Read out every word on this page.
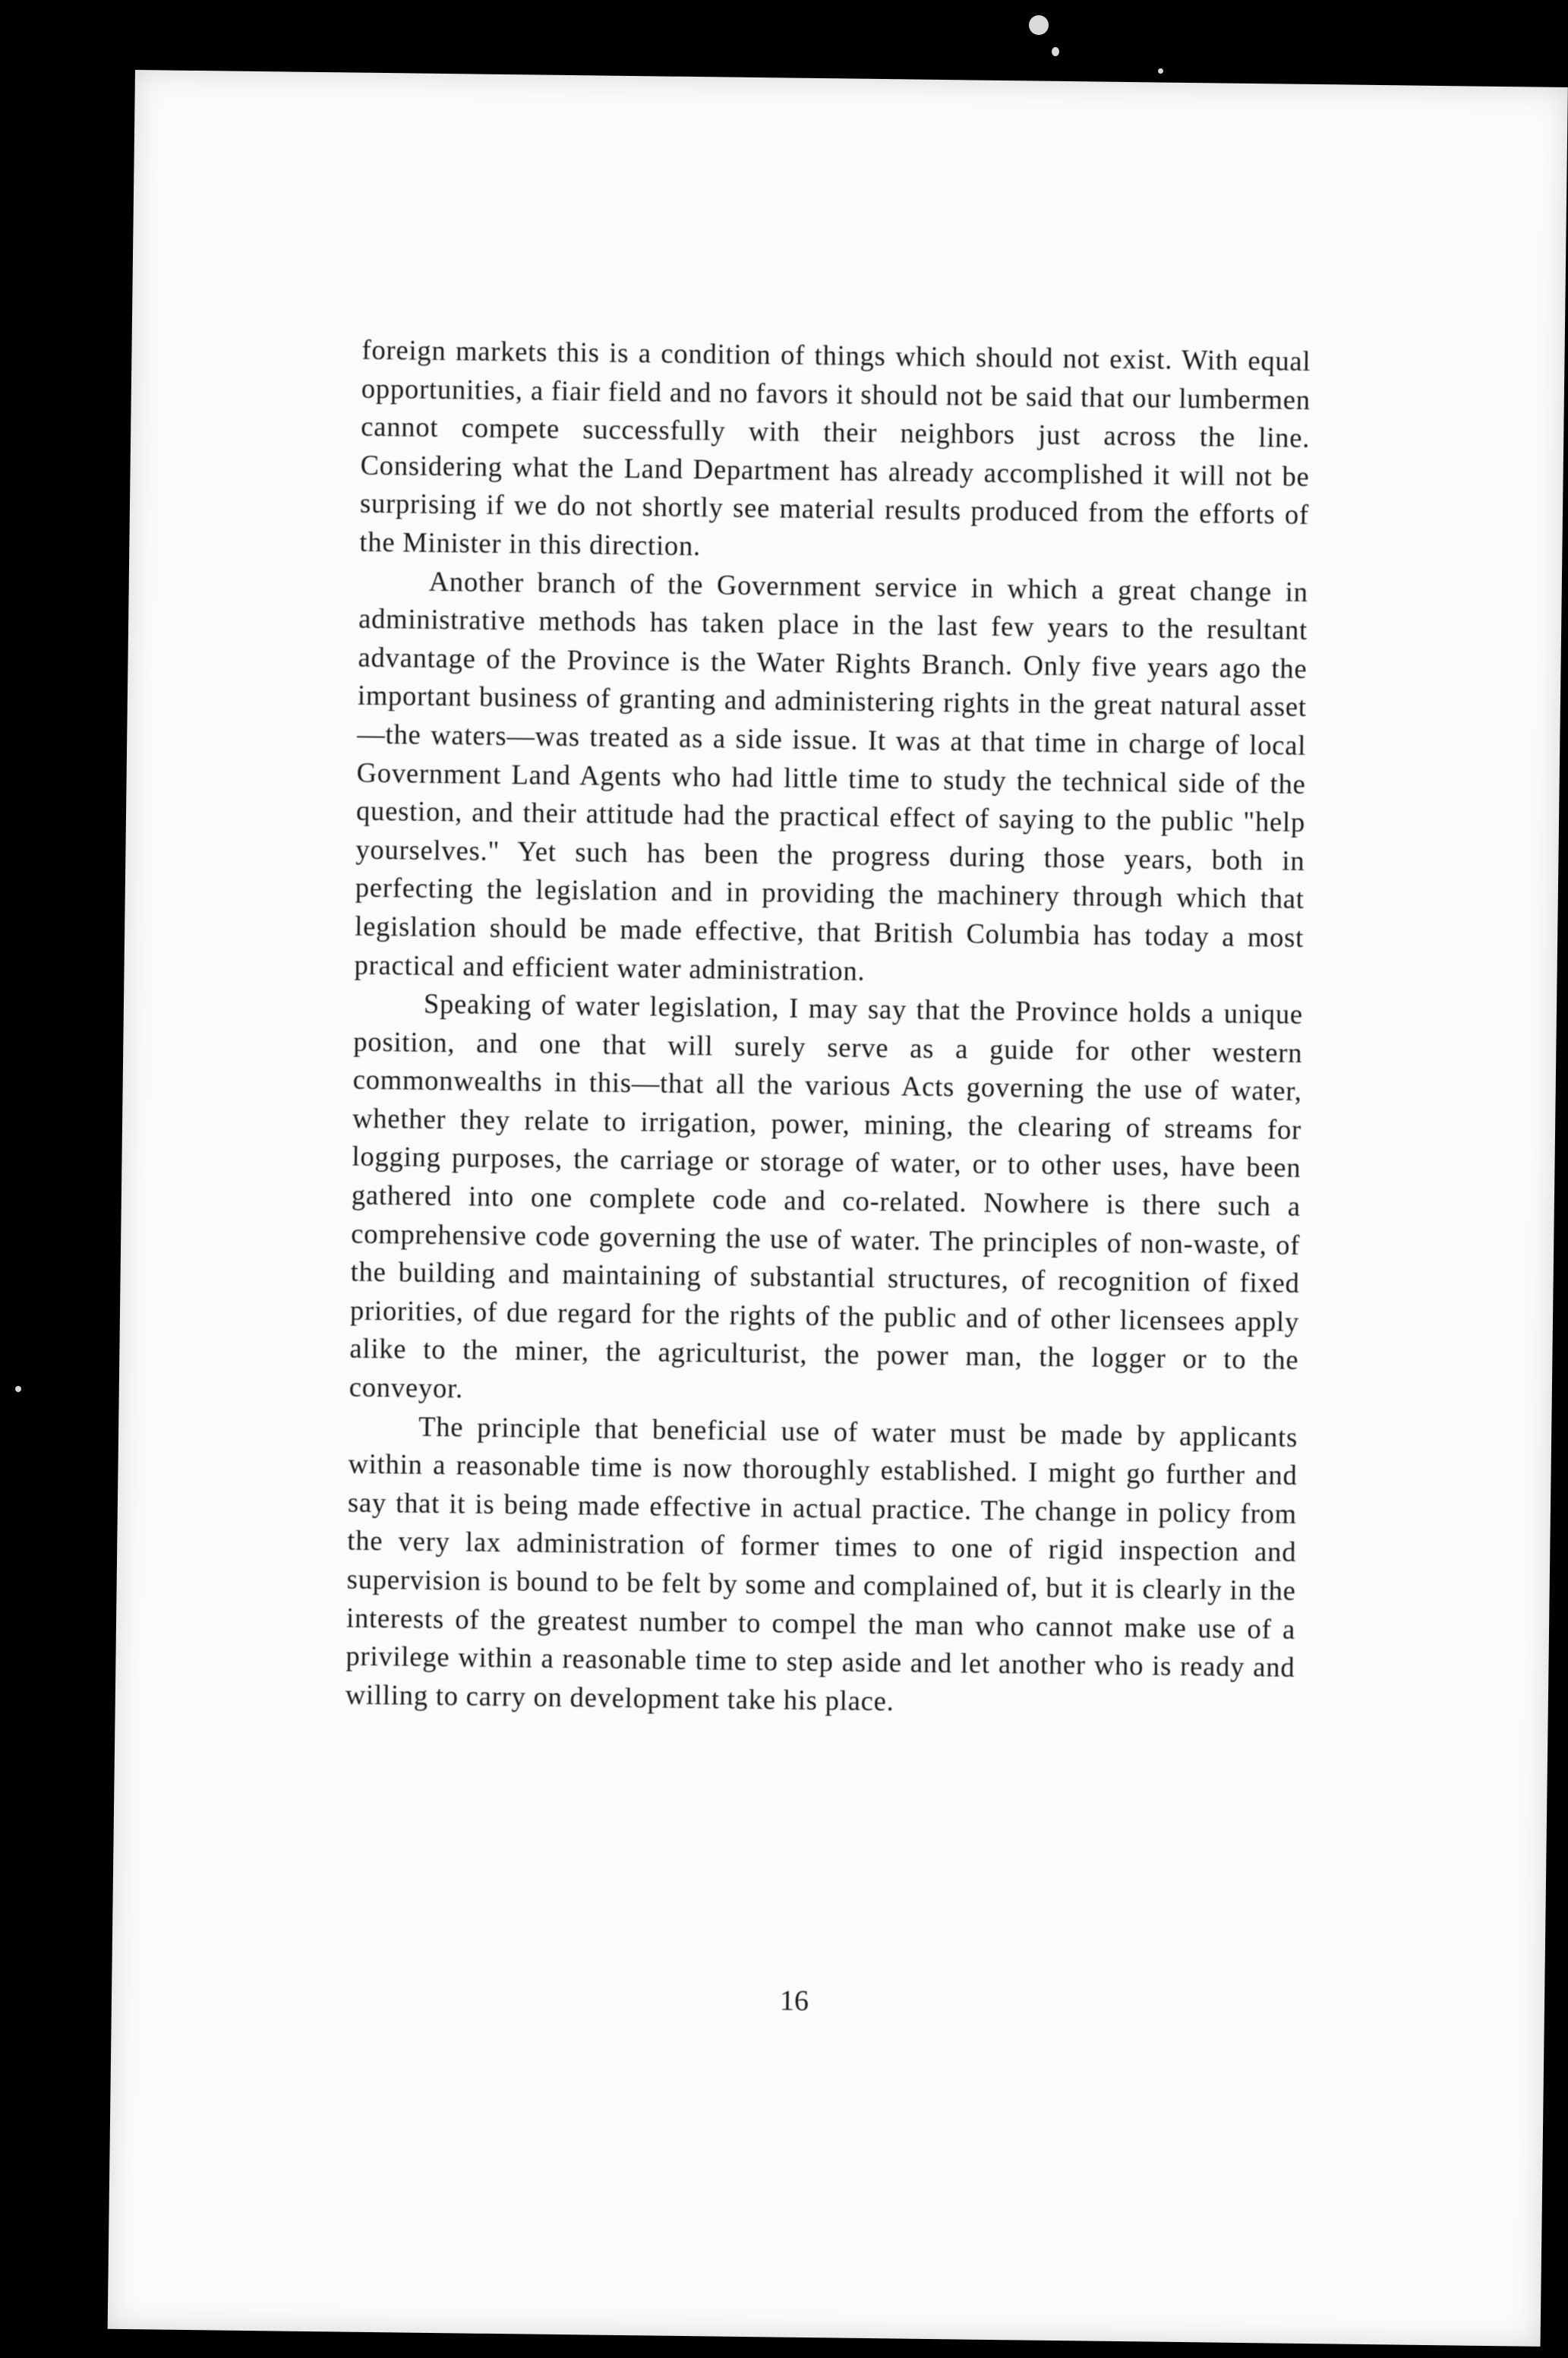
foreign markets this is a condition of things which should not exist. With equal opportunities, a fiair field and no favors it should not be said that our lumbermen cannot compete successfully with their neighbors just across the line. Considering what the Land Department has already accomplished it will not be surprising if we do not shortly see material results produced from the efforts of the Minister in this direction.

Another branch of the Government service in which a great change in administrative methods has taken place in the last few years to the resultant advantage of the Province is the Water Rights Branch. Only five years ago the important business of granting and administering rights in the great natural asset—the waters—was treated as a side issue. It was at that time in charge of local Government Land Agents who had little time to study the technical side of the question, and their attitude had the practical effect of saying to the public "help yourselves." Yet such has been the progress during those years, both in perfecting the legislation and in providing the machinery through which that legislation should be made effective, that British Columbia has today a most practical and efficient water administration.

Speaking of water legislation, I may say that the Province holds a unique position, and one that will surely serve as a guide for other western commonwealths in this—that all the various Acts governing the use of water, whether they relate to irrigation, power, mining, the clearing of streams for logging purposes, the carriage or storage of water, or to other uses, have been gathered into one complete code and co-related. Nowhere is there such a comprehensive code governing the use of water. The principles of non-waste, of the building and maintaining of substantial structures, of recognition of fixed priorities, of due regard for the rights of the public and of other licensees apply alike to the miner, the agriculturist, the power man, the logger or to the conveyor.

The principle that beneficial use of water must be made by applicants within a reasonable time is now thoroughly established. I might go further and say that it is being made effective in actual practice. The change in policy from the very lax administration of former times to one of rigid inspection and supervision is bound to be felt by some and complained of, but it is clearly in the interests of the greatest number to compel the man who cannot make use of a privilege within a reasonable time to step aside and let another who is ready and willing to carry on development take his place.

16
